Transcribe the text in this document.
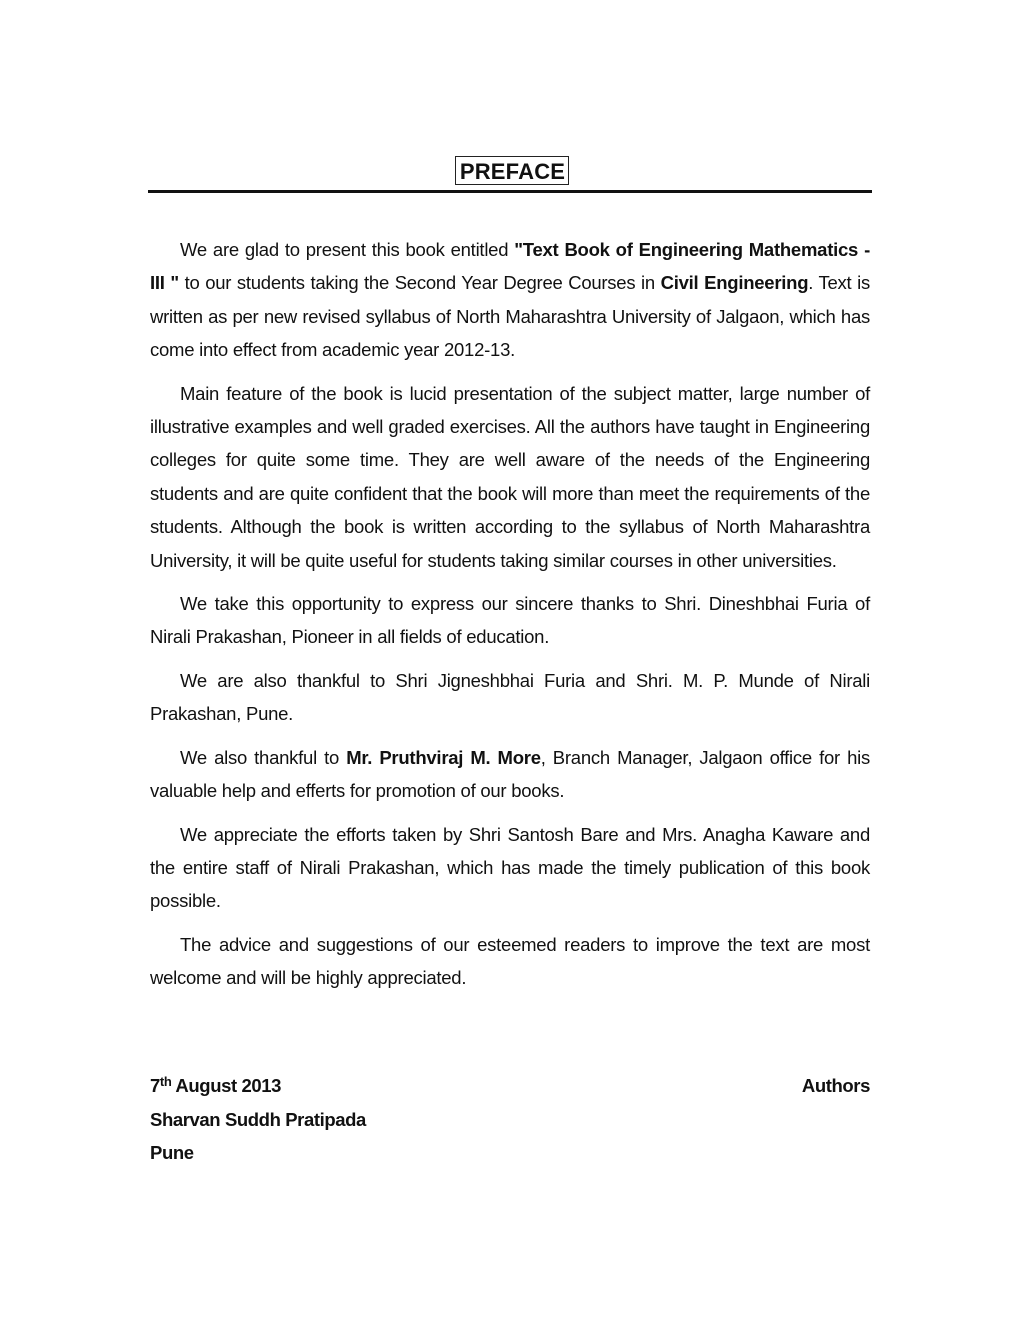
PREFACE

We are glad to present this book entitled "Text Book of Engineering Mathematics - III " to our students taking the Second Year Degree Courses in Civil Engineering. Text is written as per new revised syllabus of North Maharashtra University of Jalgaon, which has come into effect from academic year 2012-13.

Main feature of the book is lucid presentation of the subject matter, large number of illustrative examples and well graded exercises. All the authors have taught in Engineering colleges for quite some time. They are well aware of the needs of the Engineering students and are quite confident that the book will more than meet the requirements of the students. Although the book is written according to the syllabus of North Maharashtra University, it will be quite useful for students taking similar courses in other universities.

We take this opportunity to express our sincere thanks to Shri. Dineshbhai Furia of Nirali Prakashan, Pioneer in all fields of education.

We are also thankful to Shri Jigneshbhai Furia and Shri. M. P. Munde of Nirali Prakashan, Pune.

We also thankful to Mr. Pruthviraj M. More, Branch Manager, Jalgaon office for his valuable help and efferts for promotion of our books.

We appreciate the efforts taken by Shri Santosh Bare and Mrs. Anagha Kaware and the entire staff of Nirali Prakashan, which has made the timely publication of this book possible.

The advice and suggestions of our esteemed readers to improve the text are most welcome and will be highly appreciated.

7th August 2013	Authors
Sharvan Suddh Pratipada
Pune
